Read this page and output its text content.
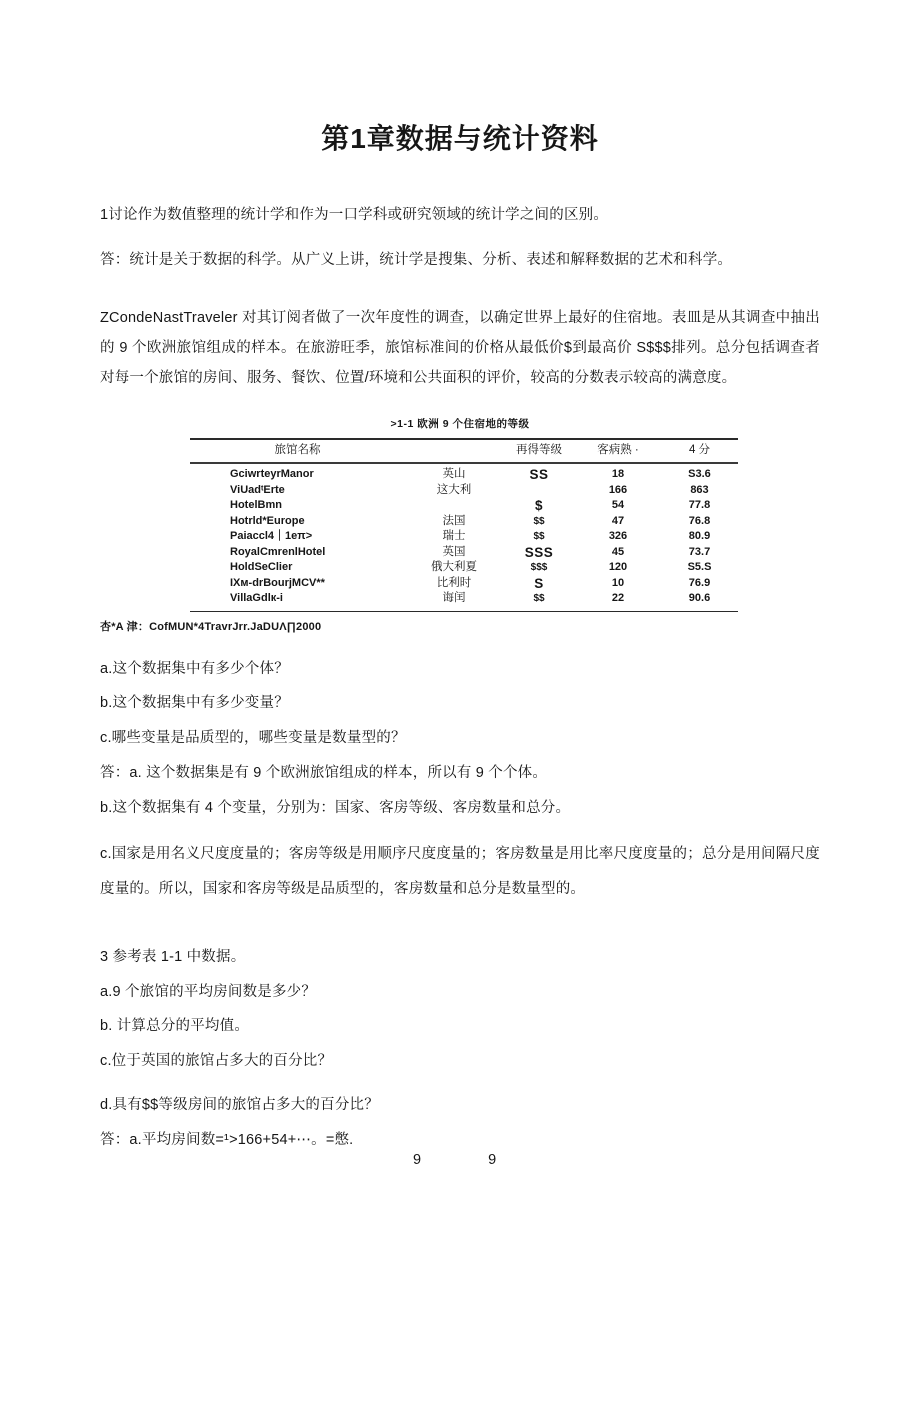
第1章数据与统计资料

1讨论作为数值整理的统计学和作为一口学科或研究领域的统计学之间的区别。

答：统计是关于数据的科学。从广义上讲，统计学是搜集、分析、表述和解释数据的艺术和科学。

ZCondeNastTraveler 对其订阅者做了一次年度性的调查，以确定世界上最好的住宿地。表皿是从其调查中抽出的 9 个欧洲旅馆组成的样本。在旅游旺季，旅馆标准间的价格从最低价$到最高价 S$$$排列。总分包括调查者对每一个旅馆的房间、服务、餐饮、位置/环境和公共面积的评价，较高的分数表示较高的满意度。

>1-1 欧洲 9 个住宿地的等级
旅馆名称		再得等级	客病熟 ·	4 分
GciwrteyrManor	英山	SS	18	S3.6
ViUadᵗErte	这大利		166	863
HotelBmn		$	54	77.8
Hotrld*Europe	法国	$$	47	76.8
Paiaccl4｜1eπ>	瑞士	$$	326	80.9
RoyalCmrenlHotel	英国	SSS	45	73.7
HoldSeClier	俄大利夏	$$$	120	S5.S
IXᴍ-drBourjMCV**	比利时	S	10	76.9
VillaGdlк-i	诲闰	$$	22	90.6
杏*A 津：CofMUN*4TravrJrr.JaDUΛ∏2000

a.这个数据集中有多少个体？

b.这个数据集中有多少变量？

c.哪些变量是品质型的，哪些变量是数量型的？

答：a. 这个数据集是有 9 个欧洲旅馆组成的样本，所以有 9 个个体。

b.这个数据集有 4 个变量，分别为：国家、客房等级、客房数量和总分。

c.国家是用名义尺度度量的；客房等级是用顺序尺度度量的；客房数量是用比率尺度度量的；总分是用间隔尺度度量的。所以，国家和客房等级是品质型的，客房数量和总分是数量型的。

3 参考表 1-1 中数据。

a.9 个旅馆的平均房间数是多少？

b. 计算总分的平均值。

c.位于英国的旅馆占多大的百分比？

d.具有$$等级房间的旅馆占多大的百分比？

答：a.平均房间数=¹>166+54+⋯。=憋.

9	9
